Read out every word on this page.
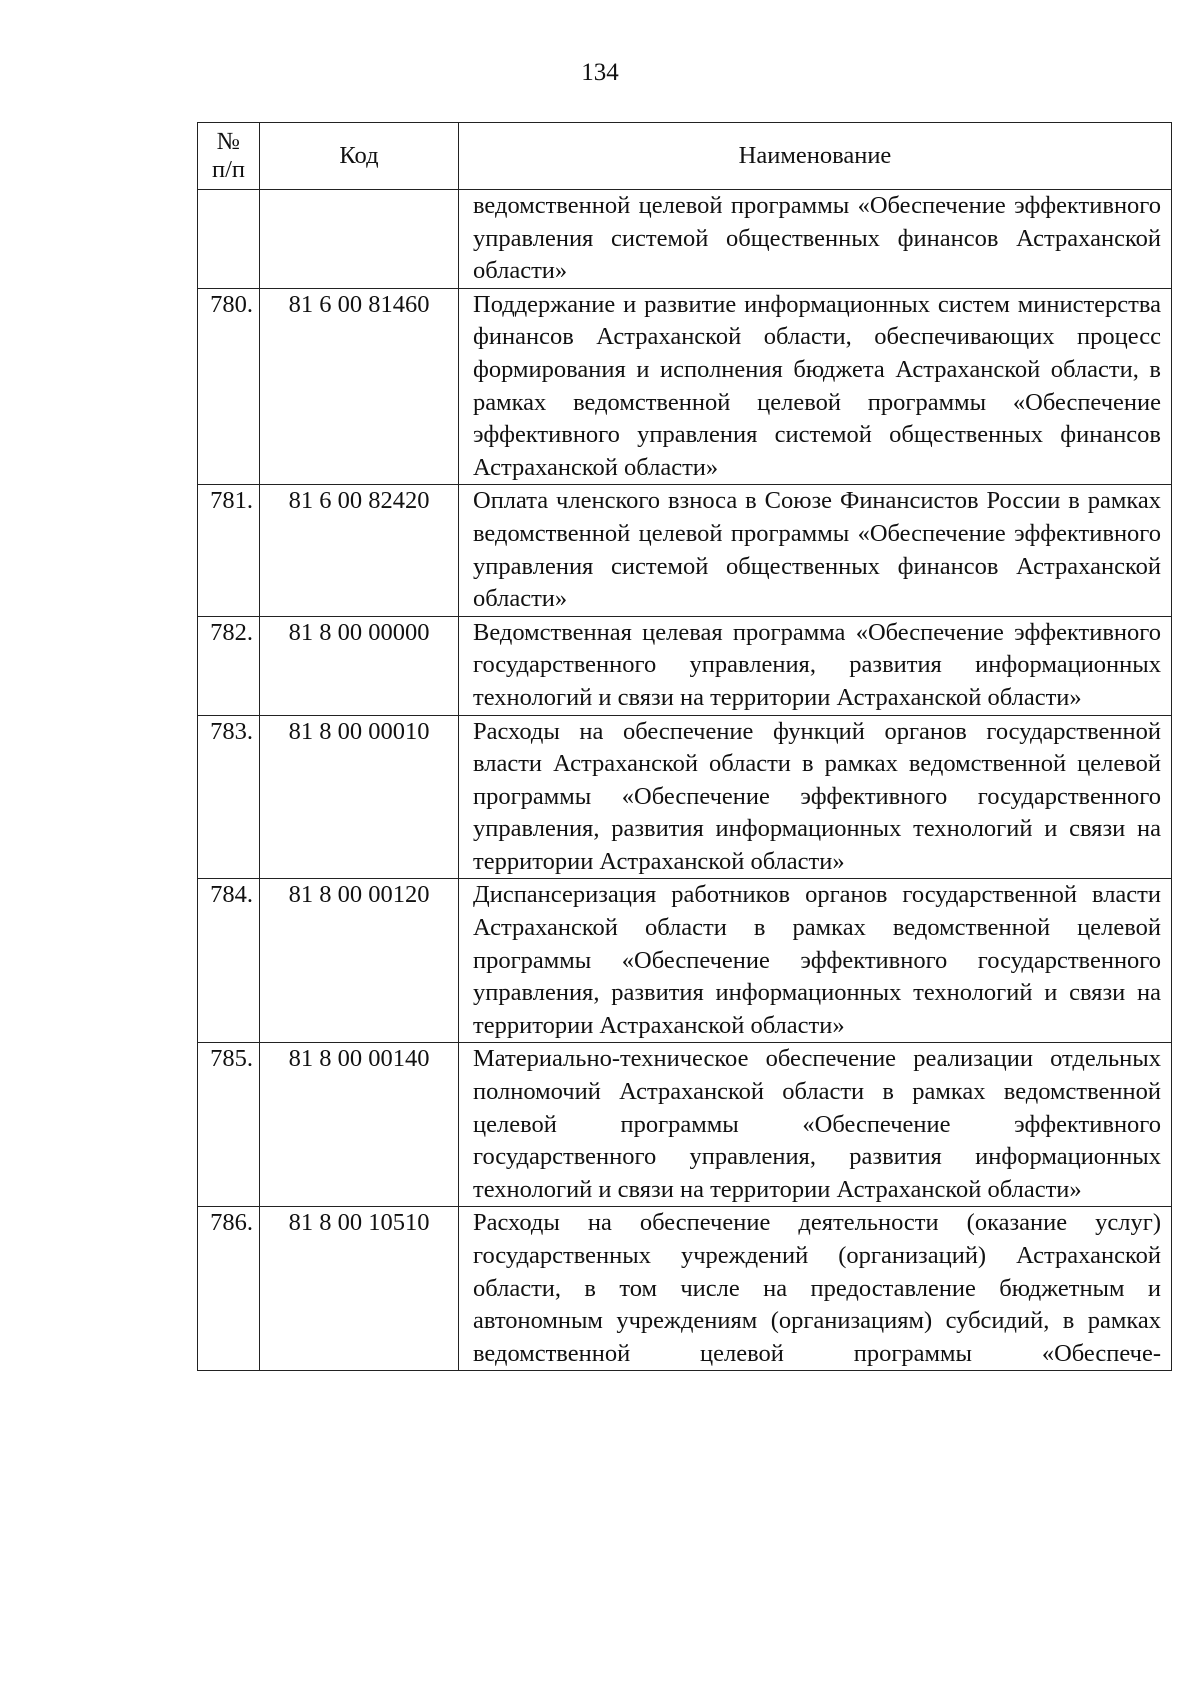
134
№
п/п	Код	Наименование
		ведомственной целевой программы «Обеспечение эффективного управления системой общественных финансов Астраханской области»
780.	81 6 00 81460	Поддержание и развитие информационных систем министерства финансов Астраханской области, обеспечивающих процесс формирования и исполнения бюджета Астраханской области, в рамках ведомственной целевой программы «Обеспечение эффективного управления системой общественных финансов Астраханской области»
781.	81 6 00 82420	Оплата членского взноса в Союзе Финансистов России в рамках ведомственной целевой программы «Обеспечение эффективного управления системой общественных финансов Астраханской области»
782.	81 8 00 00000	Ведомственная целевая программа «Обеспечение эффективного государственного управления, развития информационных технологий и связи на территории Астраханской области»
783.	81 8 00 00010	Расходы на обеспечение функций органов государственной власти Астраханской области в рамках ведомственной целевой программы «Обеспечение эффективного государственного управления, развития информационных технологий и связи на территории Астраханской области»
784.	81 8 00 00120	Диспансеризация работников органов государственной власти Астраханской области в рамках ведомственной целевой программы «Обеспечение эффективного государственного управления, развития информационных технологий и связи на территории Астраханской области»
785.	81 8 00 00140	Материально-техническое обеспечение реализации отдельных полномочий Астраханской области в рамках ведомственной целевой программы «Обеспечение эффективного государственного управления, развития информационных технологий и связи на территории Астраханской области»
786.	81 8 00 10510	Расходы на обеспечение деятельности (оказание услуг) государственных учреждений (организаций) Астраханской области, в том числе на предоставление бюджетным и автономным учреждениям (организациям) субсидий, в рамках ведомственной целевой программы «Обеспече-
